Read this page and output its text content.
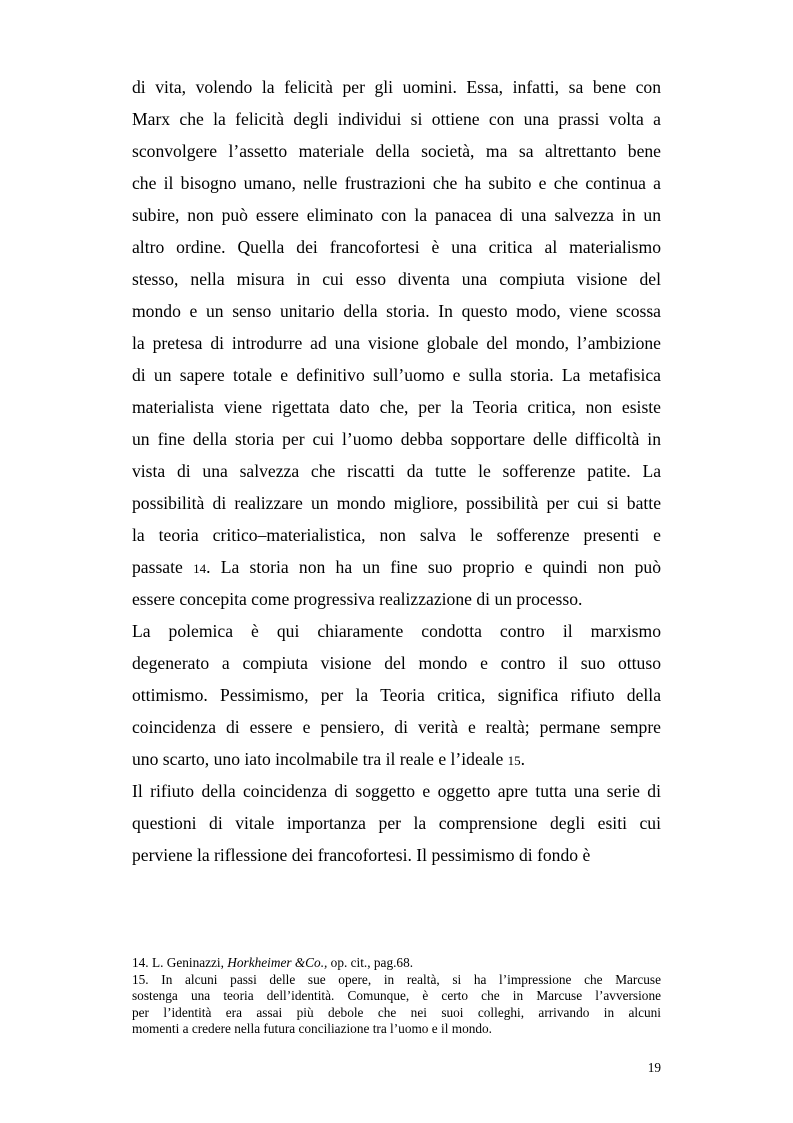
di vita, volendo la felicità per gli uomini. Essa, infatti, sa bene con
Marx che la felicità degli individui si ottiene con una prassi volta a
sconvolgere l’assetto materiale della società, ma sa altrettanto bene
che il bisogno umano, nelle frustrazioni che ha subito e che continua a
subire, non può essere eliminato con la panacea di una salvezza in un
altro ordine. Quella dei francofortesi è una critica al materialismo
stesso, nella misura in cui esso diventa una compiuta visione del
mondo e un senso unitario della storia. In questo modo, viene scossa
la pretesa di introdurre ad una visione globale del mondo, l’ambizione
di un sapere totale e definitivo sull’uomo e sulla storia. La metafisica
materialista viene rigettata dato che, per la Teoria critica, non esiste
un fine della storia per cui l’uomo debba sopportare delle difficoltà in
vista di una salvezza che riscatti da tutte le sofferenze patite. La
possibilità di realizzare un mondo migliore, possibilità per cui si batte
la teoria critico–materialistica, non salva le sofferenze presenti e
passate 14. La storia non ha un fine suo proprio e quindi non può
essere concepita come progressiva realizzazione di un processo.
La polemica è qui chiaramente condotta contro il marxismo
degenerato a compiuta visione del mondo e contro il suo ottuso
ottimismo. Pessimismo, per la Teoria critica, significa rifiuto della
coincidenza di essere e pensiero, di verità e realtà; permane sempre
uno scarto, uno iato incolmabile tra il reale e l’ideale 15.
Il rifiuto della coincidenza di soggetto e oggetto apre tutta una serie di
questioni di vitale importanza per la comprensione degli esiti cui
perviene la riflessione dei francofortesi. Il pessimismo di fondo è
14. L. Geninazzi, Horkheimer &Co., op. cit., pag.68.
15. In alcuni passi delle sue opere, in realtà, si ha l’impressione che Marcuse
sostenga una teoria dell’identità. Comunque, è certo che in Marcuse l’avversione
per l’identità era assai più debole che nei suoi colleghi, arrivando in alcuni
momenti a credere nella futura conciliazione tra l’uomo e il mondo.
19
